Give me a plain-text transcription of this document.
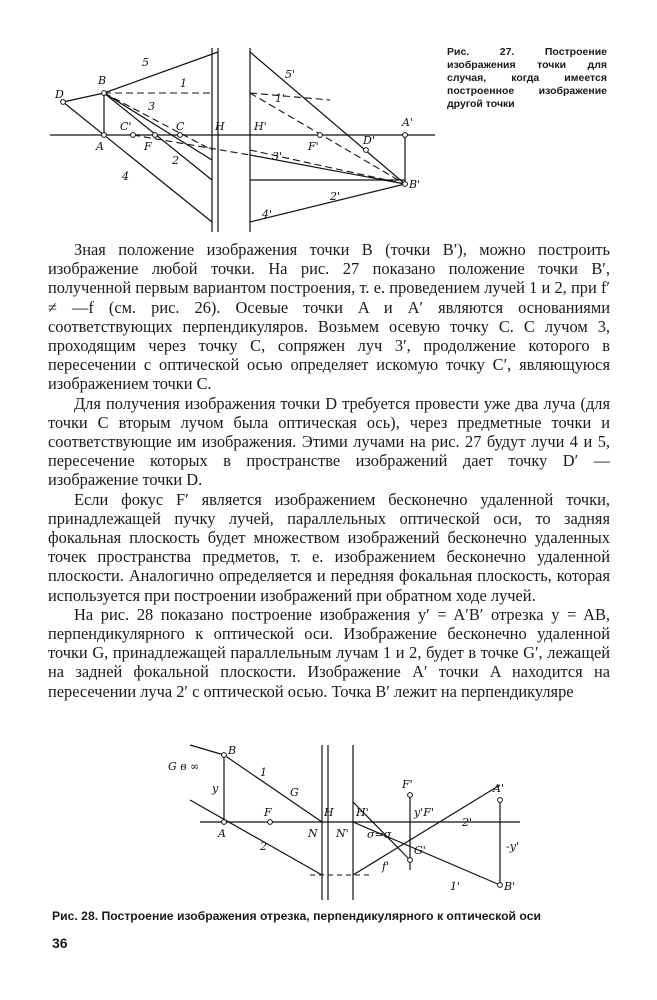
D
B
A
C'
F
C	H	H'
F'	D'
A'
B'
5
5'
1
1'
3
3'
2
2'
4
4'
Рис. 27. Построение изображения точки для случая, когда имеется построенное изображение другой точки

Зная положение изображения точки B (точки B′), можно построить изображение любой точки. На рис. 27 показано положение точки B′, полученной первым вариантом построения, т. е. проведением лучей 1 и 2, при f′ ≠ —f (см. рис. 26). Осевые точки A и A′ являются основаниями соответствующих перпендикуляров. Возьмем осевую точку C. С лучом 3, проходящим через точку C, сопряжен луч 3′, продолжение которого в пересечении с оптической осью определяет искомую точку C′, являющуюся изображением точки C.

Для получения изображения точки D требуется провести уже два луча (для точки C вторым лучом была оптическая ось), через предметные точки и соответствующие им изображения. Этими лучами на рис. 27 будут лучи 4 и 5, пересечение которых в пространстве изображений дает точку D′ — изображение точки D.

Если фокус F′ является изображением бесконечно удаленной точки, принадлежащей пучку лучей, параллельных оптической оси, то задняя фокальная плоскость будет множеством изображений бесконечно удаленных точек пространства предметов, т. е. изображением бесконечно удаленной плоскости. Аналогично определяется и передняя фокальная плоскость, которая используется при построении изображений при обратном ходе лучей.

На рис. 28 показано построение изображения y′ = A′B′ отрезка y = AB, перпендикулярного к оптической оси. Изображение бесконечно удаленной точки G, принадлежащей параллельным лучам 1 и 2, будет в точке G′, лежащей на задней фокальной плоскости. Изображение A′ точки A находится на пересечении луча 2′ с оптической осью. Точка B′ лежит на перпендикуляре

G в ∞
B
A
y
F
G
N
H
N'
H'
σ=σ
F'
y'F'
G'
f'
A'
B'
-y'
1
2
1'
2'
Рис. 28. Построение изображения отрезка, перпендикулярного к оптической оси
36
